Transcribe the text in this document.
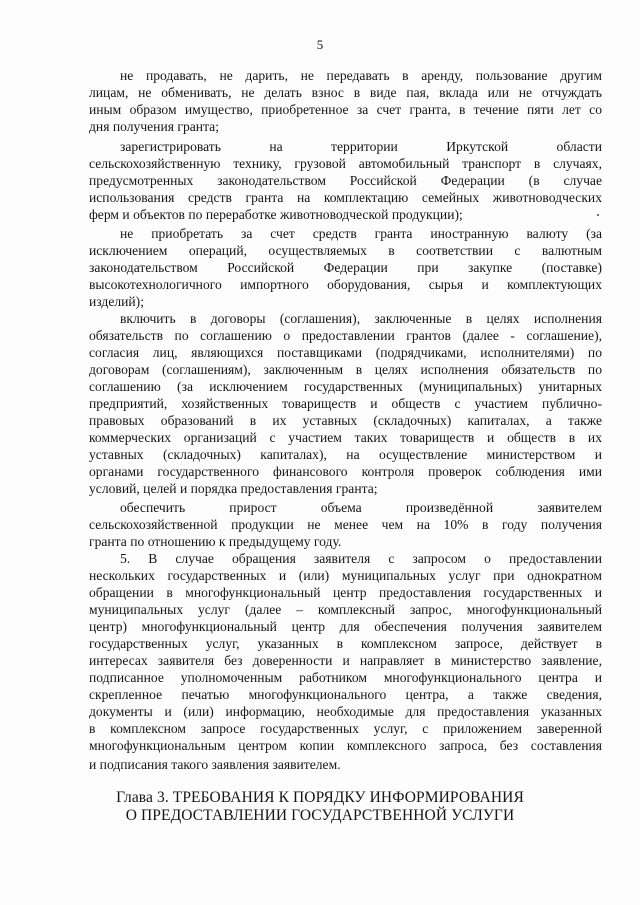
5

не продавать, не дарить, не передавать в аренду, пользование другим

лицам, не обменивать, не делать взнос в виде пая, вклада или не отчуждать

иным образом имущество, приобретенное за счет гранта, в течение пяти лет со

дня получения гранта;

зарегистрировать на территории Иркутской области

сельскохозяйственную технику, грузовой автомобильный транспорт в случаях,

предусмотренных законодательством Российской Федерации (в случае

использования средств гранта на комплектацию семейных животноводческих

ферм и объектов по переработке животноводческой продукции);

не приобретать за счет средств гранта иностранную валюту (за

исключением операций, осуществляемых в соответствии с валютным

законодательством Российской Федерации при закупке (поставке)

высокотехнологичного импортного оборудования, сырья и комплектующих

изделий);

включить в договоры (соглашения), заключенные в целях исполнения

обязательств по соглашению о предоставлении грантов (далее - соглашение),

согласия лиц, являющихся поставщиками (подрядчиками, исполнителями) по

договорам (соглашениям), заключенным в целях исполнения обязательств по

соглашению (за исключением государственных (муниципальных) унитарных

предприятий, хозяйственных товариществ и обществ с участием публично-

правовых образований в их уставных (складочных) капиталах, а также

коммерческих организаций с участием таких товариществ и обществ в их

уставных (складочных) капиталах), на осуществление министерством и

органами государственного финансового контроля проверок соблюдения ими

условий, целей и порядка предоставления гранта;

обеспечить прирост объема произведённой заявителем

сельскохозяйственной продукции не менее чем на 10% в году получения

гранта по отношению к предыдущему году.

5. В случае обращения заявителя с запросом о предоставлении

нескольких государственных и (или) муниципальных услуг при однократном

обращении в многофункциональный центр предоставления государственных и

муниципальных услуг (далее – комплексный запрос, многофункциональный

центр) многофункциональный центр для обеспечения получения заявителем

государственных услуг, указанных в комплексном запросе, действует в

интересах заявителя без доверенности и направляет в министерство заявление,

подписанное уполномоченным работником многофункционального центра и

скрепленное печатью многофункционального центра, а также сведения,

документы и (или) информацию, необходимые для предоставления указанных

в комплексном запросе государственных услуг, с приложением заверенной

многофункциональным центром копии комплексного запроса, без составления

и подписания такого заявления заявителем.

Глава 3. ТРЕБОВАНИЯ К ПОРЯДКУ ИНФОРМИРОВАНИЯ

О ПРЕДОСТАВЛЕНИИ ГОСУДАРСТВЕННОЙ УСЛУГИ
